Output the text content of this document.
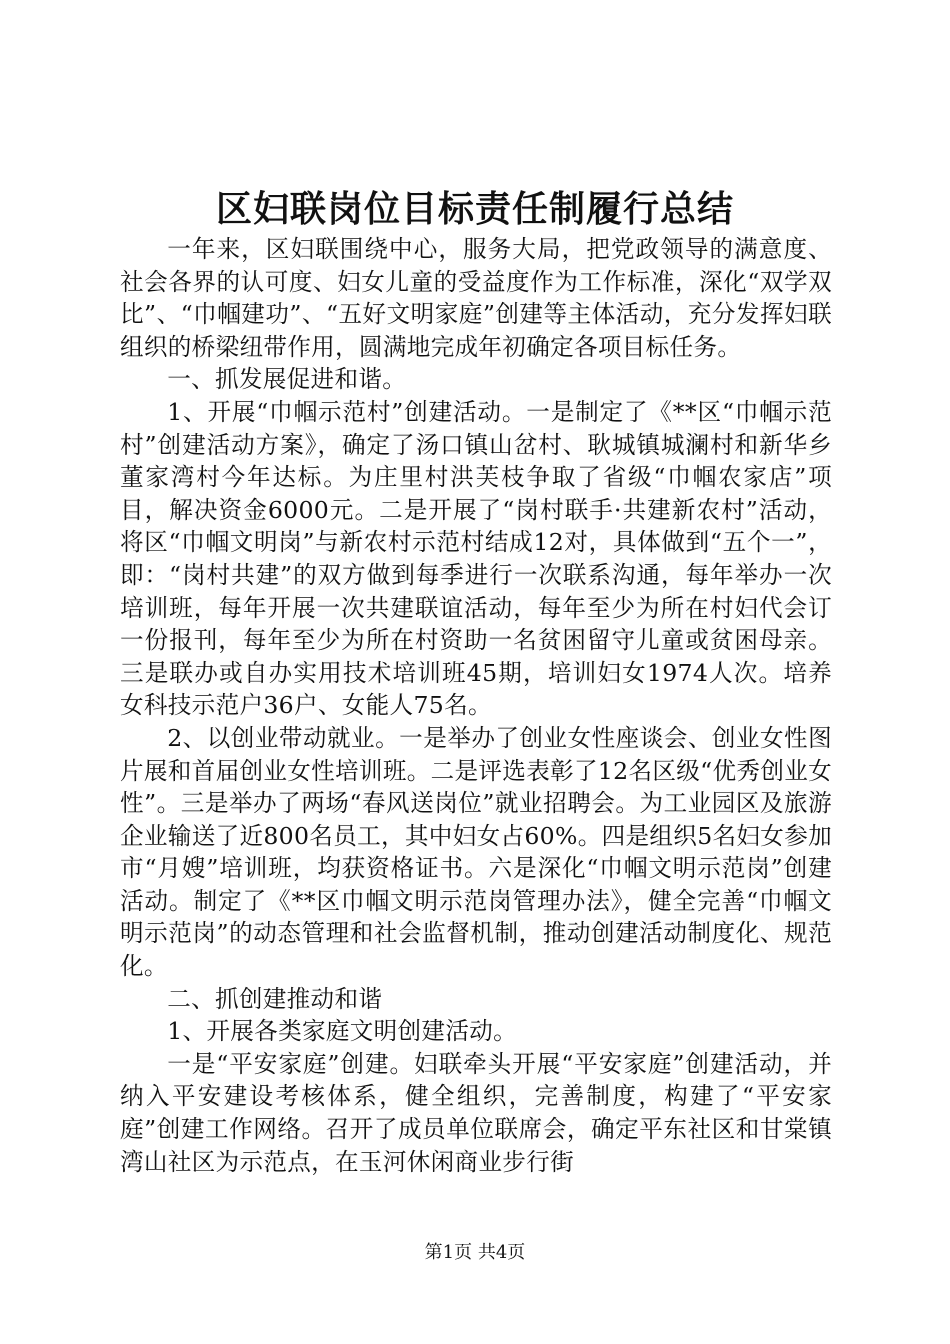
区妇联岗位目标责任制履行总结

一年来，区妇联围绕中心，服务大局，把党政领导的满意度、社会各界的认可度、妇女儿童的受益度作为工作标准，深化“双学双比”、“巾帼建功”、“五好文明家庭”创建等主体活动，充分发挥妇联组织的桥梁纽带作用，圆满地完成年初确定各项目标任务。

一、抓发展促进和谐。

1、开展“巾帼示范村”创建活动。一是制定了《**区“巾帼示范村”创建活动方案》，确定了汤口镇山岔村、耿城镇城澜村和新华乡董家湾村今年达标。为庄里村洪芙枝争取了省级“巾帼农家店”项目，解决资金6000元。二是开展了“岗村联手·共建新农村”活动，将区“巾帼文明岗”与新农村示范村结成12对，具体做到“五个一”，即：“岗村共建”的双方做到每季进行一次联系沟通，每年举办一次培训班，每年开展一次共建联谊活动，每年至少为所在村妇代会订一份报刊，每年至少为所在村资助一名贫困留守儿童或贫困母亲。三是联办或自办实用技术培训班45期，培训妇女1974人次。培养女科技示范户36户、女能人75名。

2、以创业带动就业。一是举办了创业女性座谈会、创业女性图片展和首届创业女性培训班。二是评选表彰了12名区级“优秀创业女性”。三是举办了两场“春风送岗位”就业招聘会。为工业园区及旅游企业输送了近800名员工，其中妇女占60%。四是组织5名妇女参加市“月嫂”培训班，均获资格证书。六是深化“巾帼文明示范岗”创建活动。制定了《**区巾帼文明示范岗管理办法》，健全完善“巾帼文明示范岗”的动态管理和社会监督机制，推动创建活动制度化、规范化。

二、抓创建推动和谐

1、开展各类家庭文明创建活动。

一是“平安家庭”创建。妇联牵头开展“平安家庭”创建活动，并纳入平安建设考核体系，健全组织，完善制度，构建了“平安家庭”创建工作网络。召开了成员单位联席会，确定平东社区和甘棠镇湾山社区为示范点，在玉河休闲商业步行街

第1页 共4页
